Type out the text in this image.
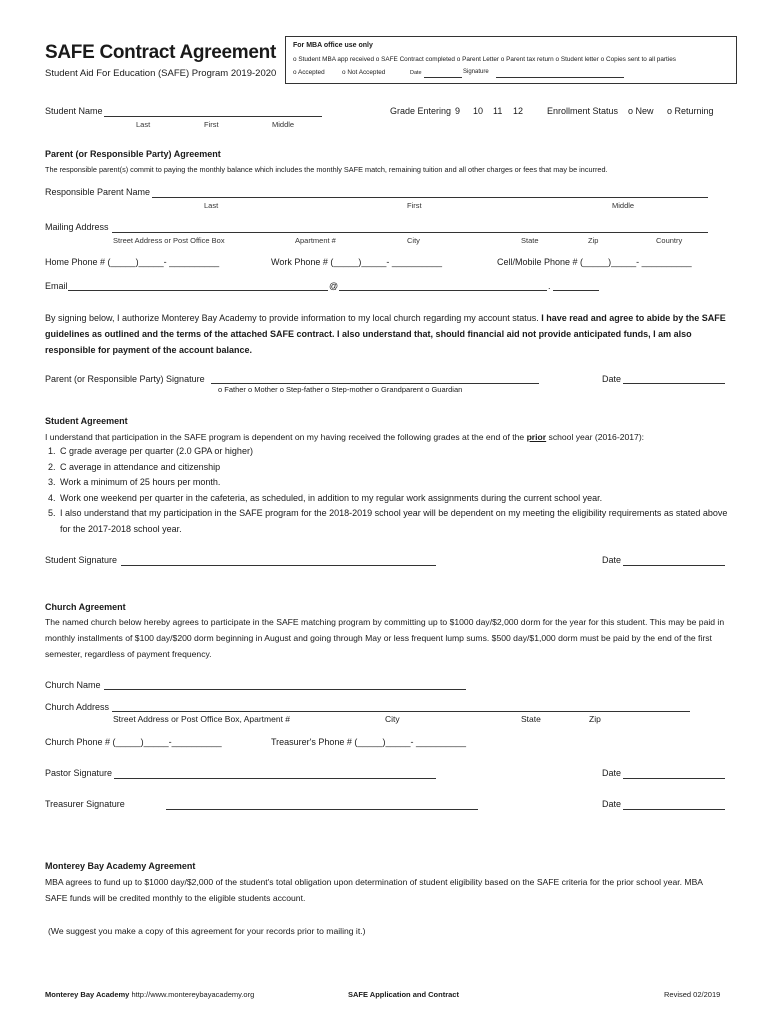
SAFE Contract Agreement
Student Aid For Education (SAFE) Program 2019-2020
For MBA office use only
o Student MBA app received o SAFE Contract completed o Parent Letter o Parent tax return o Student letter o Copies sent to all parties
o Accepted	o Not Accepted	Date	Signature
Student Name
Last	First	Middle
Grade Entering 9 10 11 12	Enrollment Status o New o Returning
Parent (or Responsible Party) Agreement
The responsible parent(s) commit to paying the monthly balance which includes the monthly SAFE match, remaining tuition and all other charges or fees that may be incurred.
Responsible Parent Name
Last	First	Middle
Mailing Address
Street Address or Post Office Box	Apartment #	City	State	Zip	Country
Home Phone # (_____)_____- __________	Work Phone # (_____)_____- __________	Cell/Mobile Phone # (_____)_____- __________
Email	@	.
By signing below, I authorize Monterey Bay Academy to provide information to my local church regarding my account status. I have read and agree to abide by the SAFE guidelines as outlined and the terms of the attached SAFE contract. I also understand that, should financial aid not provide anticipated funds, I am also responsible for payment of the account balance.
Parent (or Responsible Party) Signature	Date
o Father o Mother o Step-father o Step-mother o Grandparent o Guardian
Student Agreement
I understand that participation in the SAFE program is dependent on my having received the following grades at the end of the prior school year (2016-2017):
1. C grade average per quarter (2.0 GPA or higher)
2. C average in attendance and citizenship
3. Work a minimum of 25 hours per month.
4. Work one weekend per quarter in the cafeteria, as scheduled, in addition to my regular work assignments during the current school year.
5. I also understand that my participation in the SAFE program for the 2018-2019 school year will be dependent on my meeting the eligibility requirements as stated above for the 2017-2018 school year.
Student Signature	Date
Church Agreement
The named church below hereby agrees to participate in the SAFE matching program by committing up to $1000 day/$2,000 dorm for the year for this student. This may be paid in monthly installments of $100 day/$200 dorm beginning in August and going through May or less frequent lump sums. $500 day/$1,000 dorm must be paid by the end of the first semester, regardless of payment frequency.
Church Name
Church Address
Street Address or Post Office Box, Apartment #	City	State	Zip
Church Phone # (_____)_____-__________	Treasurer's Phone # (_____)_____- __________
Pastor Signature	Date
Treasurer Signature	Date
Monterey Bay Academy Agreement
MBA agrees to fund up to $1000 day/$2,000 of the student's total obligation upon determination of student eligibility based on the SAFE criteria for the prior school year. MBA SAFE funds will be credited monthly to the eligible students account.
(We suggest you make a copy of this agreement for your records prior to mailing it.)
Monterey Bay Academy http://www.montereybayacademy.org	SAFE Application and Contract	Revised 02/2019
